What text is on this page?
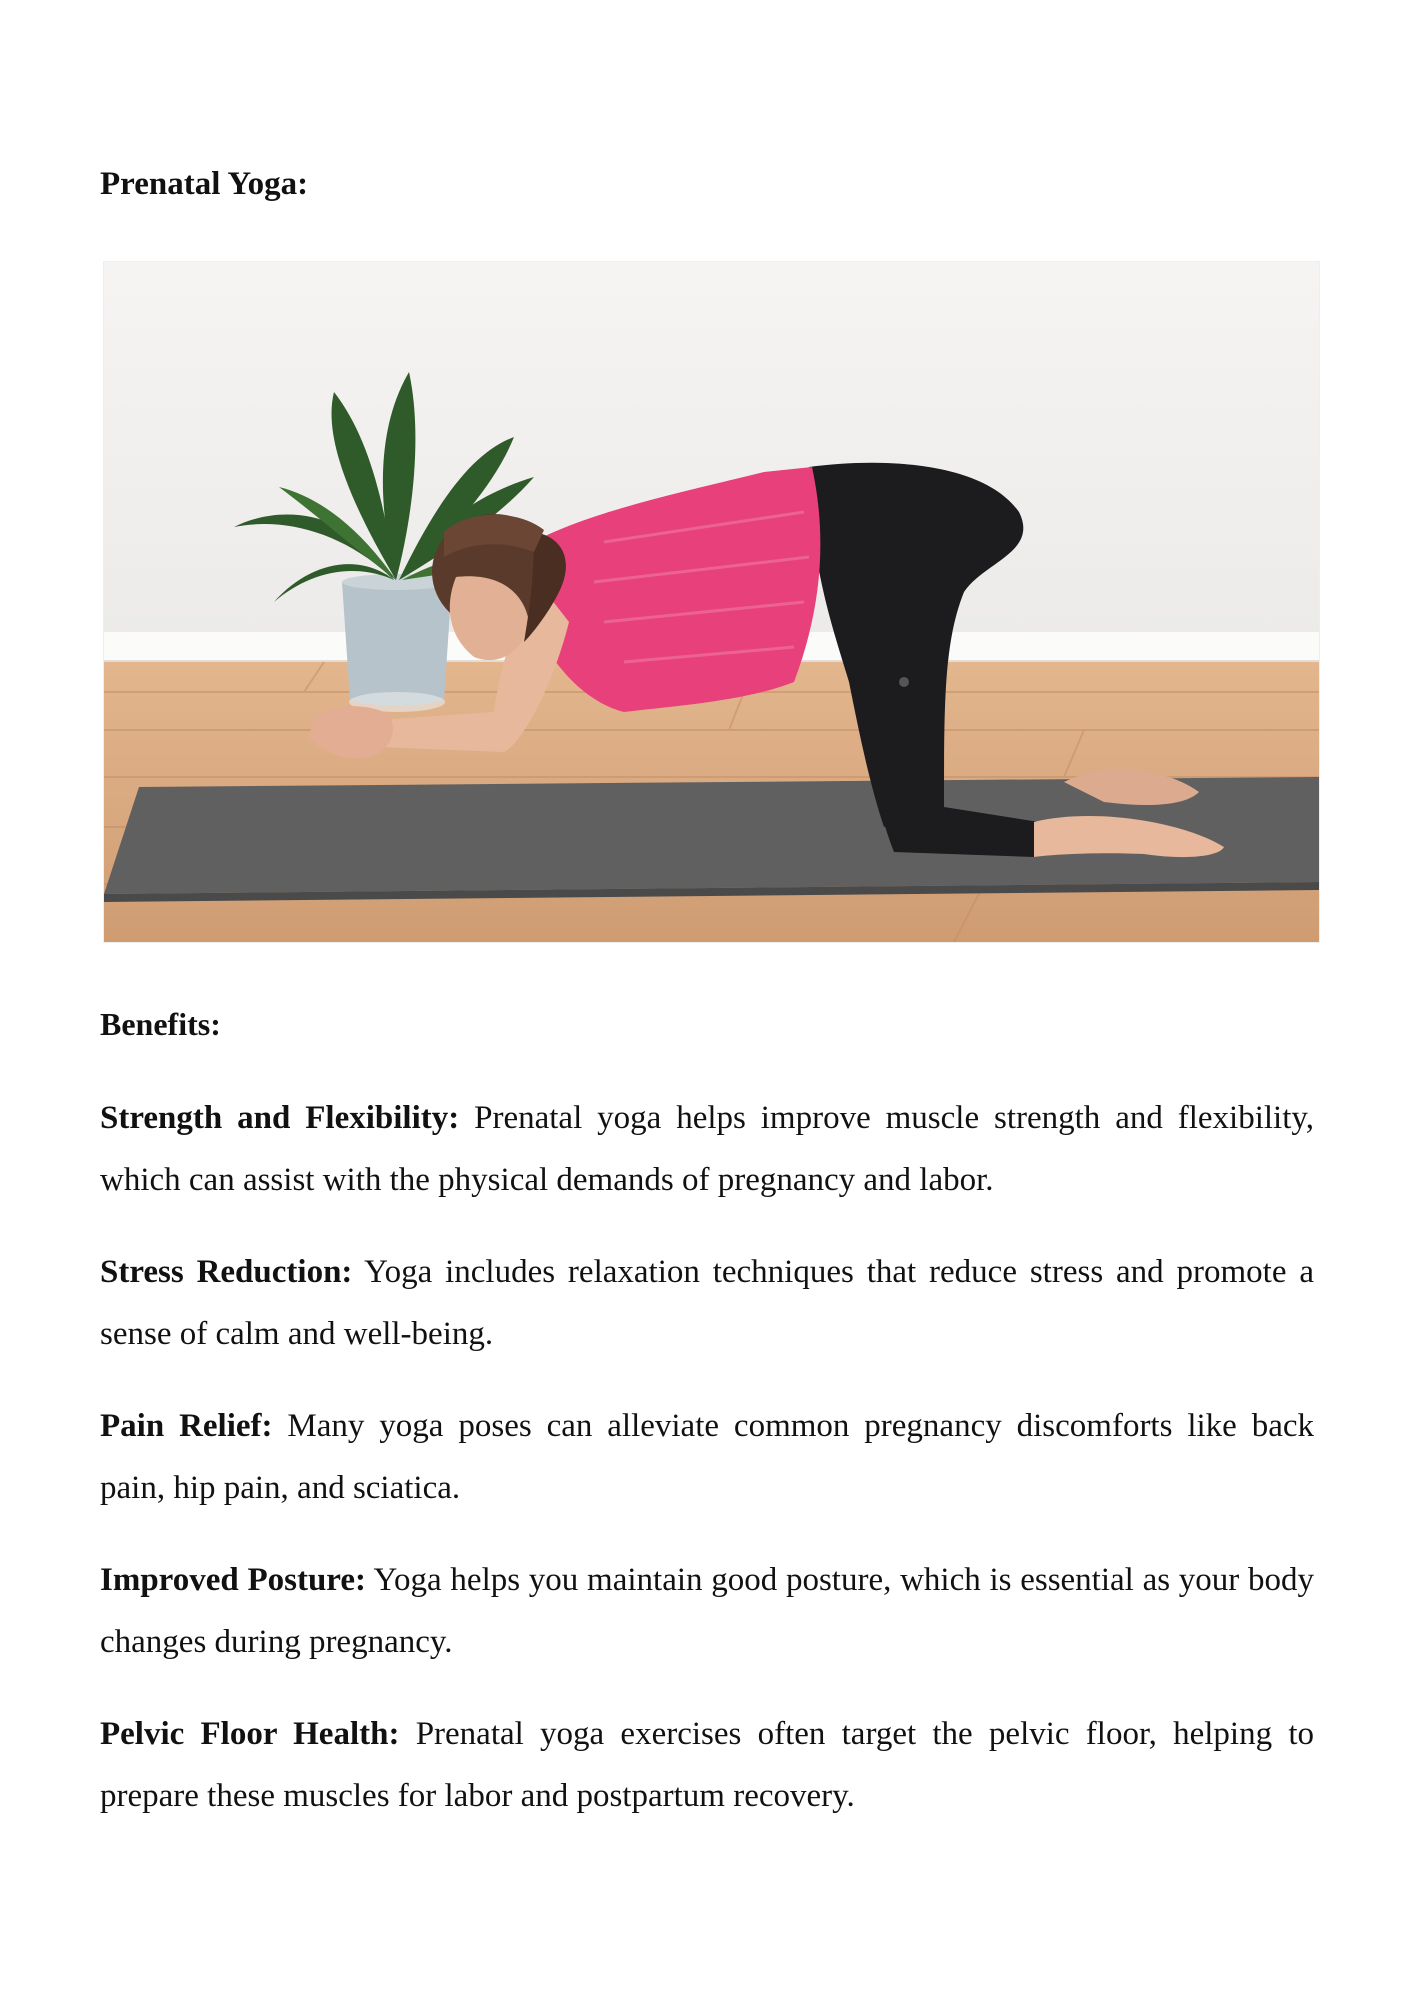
Prenatal Yoga:
Benefits:

Strength and Flexibility: Prenatal yoga helps improve muscle strength and flexibility, which can assist with the physical demands of pregnancy and labor.

Stress Reduction: Yoga includes relaxation techniques that reduce stress and promote a sense of calm and well-being.

Pain Relief: Many yoga poses can alleviate common pregnancy discomforts like back pain, hip pain, and sciatica.

Improved Posture: Yoga helps you maintain good posture, which is essential as your body changes during pregnancy.

Pelvic Floor Health: Prenatal yoga exercises often target the pelvic floor, helping to prepare these muscles for labor and postpartum recovery.
